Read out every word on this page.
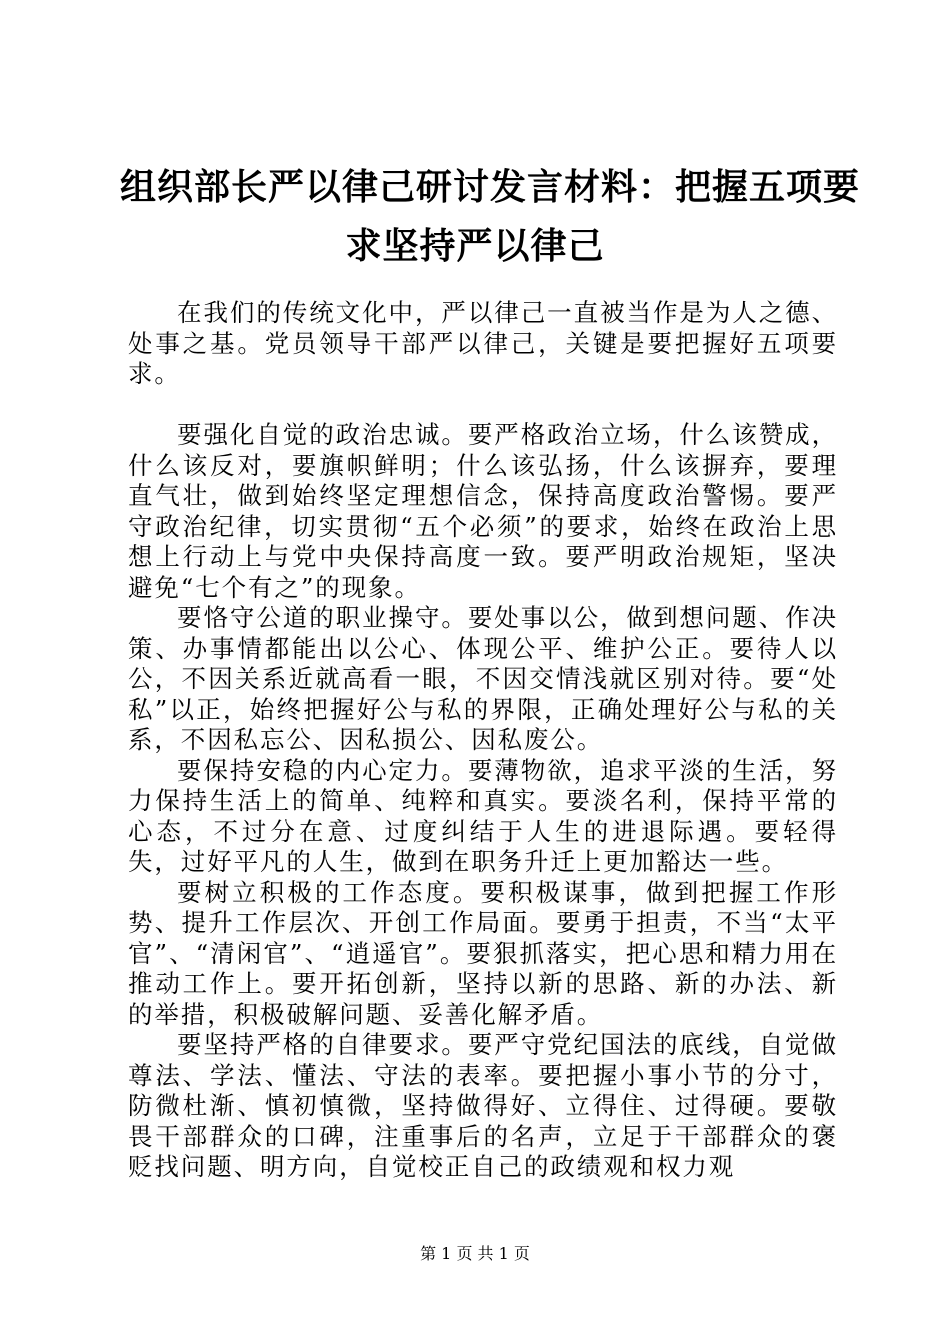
组织部长严以律己研讨发言材料：把握五项要
求坚持严以律己

在我们的传统文化中，严以律己一直被当作是为人之德、处事之基。党员领导干部严以律己，关键是要把握好五项要求。

要强化自觉的政治忠诚。要严格政治立场，什么该赞成，什么该反对，要旗帜鲜明；什么该弘扬，什么该摒弃，要理直气壮，做到始终坚定理想信念，保持高度政治警惕。要严守政治纪律，切实贯彻“五个必须”的要求，始终在政治上思想上行动上与党中央保持高度一致。要严明政治规矩，坚决避免“七个有之”的现象。

要恪守公道的职业操守。要处事以公，做到想问题、作决策、办事情都能出以公心、体现公平、维护公正。要待人以公，不因关系近就高看一眼，不因交情浅就区别对待。要“处私”以正，始终把握好公与私的界限，正确处理好公与私的关系，不因私忘公、因私损公、因私废公。

要保持安稳的内心定力。要薄物欲，追求平淡的生活，努力保持生活上的简单、纯粹和真实。要淡名利，保持平常的心态，不过分在意、过度纠结于人生的进退际遇。要轻得失，过好平凡的人生，做到在职务升迁上更加豁达一些。

要树立积极的工作态度。要积极谋事，做到把握工作形势、提升工作层次、开创工作局面。要勇于担责，不当“太平官”、“清闲官”、“逍遥官”。要狠抓落实，把心思和精力用在推动工作上。要开拓创新，坚持以新的思路、新的办法、新的举措，积极破解问题、妥善化解矛盾。

要坚持严格的自律要求。要严守党纪国法的底线，自觉做尊法、学法、懂法、守法的表率。要把握小事小节的分寸，防微杜渐、慎初慎微，坚持做得好、立得住、过得硬。要敬畏干部群众的口碑，注重事后的名声，立足于干部群众的褒贬找问题、明方向，自觉校正自己的政绩观和权力观

第 1 页 共 1 页
